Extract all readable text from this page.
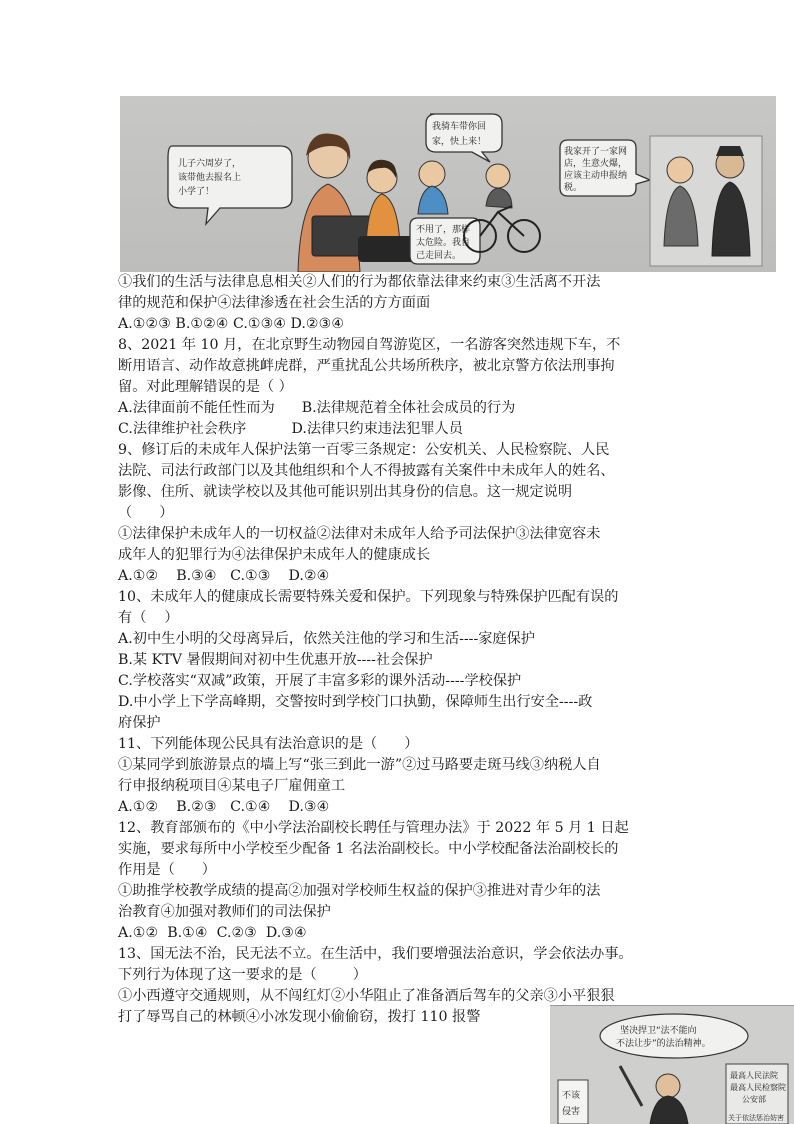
儿子六周岁了，
该带他去报名上
小学了！
我骑车带你回
家，快上来！
不用了，那样
太危险。我自
己走回去。
我家开了一家网
店，生意火爆，
应该主动申报纳
税。

①我们的生活与法律息息相关②人们的行为都依靠法律来约束③生活离不开法

律的规范和保护④法律渗透在社会生活的方方面面

A.①②③ B.①②④ C.①③④ D.②③④

8、2021 年 10 月，在北京野生动物园自驾游览区，一名游客突然违规下车，不

断用语言、动作故意挑衅虎群，严重扰乱公共场所秩序，被北京警方依法刑事拘

留。对此理解错误的是（ ）

A.法律面前不能任性而为      B.法律规范着全体社会成员的行为

C.法律维护社会秩序          D.法律只约束违法犯罪人员

9、修订后的未成年人保护法第一百零三条规定：公安机关、人民检察院、人民

法院、司法行政部门以及其他组织和个人不得披露有关案件中未成年人的姓名、

影像、住所、就读学校以及其他可能识别出其身份的信息。这一规定说明

（      ）

①法律保护未成年人的一切权益②法律对未成年人给予司法保护③法律宽容未

成年人的犯罪行为④法律保护未成年人的健康成长

A.①②    B.③④   C.①③    D.②④

10、未成年人的健康成长需要特殊关爱和保护。下列现象与特殊保护匹配有误的

有（    ）

A.初中生小明的父母离异后，依然关注他的学习和生活----家庭保护

B.某 KTV 暑假期间对初中生优惠开放----社会保护

C.学校落实“双减”政策，开展了丰富多彩的课外活动----学校保护

D.中小学上下学高峰期，交警按时到学校门口执勤，保障师生出行安全----政

府保护

11、下列能体现公民具有法治意识的是（      ）

①某同学到旅游景点的墙上写“张三到此一游”②过马路要走斑马线③纳税人自

行申报纳税项目④某电子厂雇佣童工

A.①②    B.②③   C.①④    D.③④

12、教育部颁布的《中小学法治副校长聘任与管理办法》于 2022 年 5 月 1 日起

实施，要求每所中小学校至少配备 1 名法治副校长。中小学校配备法治副校长的

作用是（      ）

①助推学校教学成绩的提高②加强对学校师生权益的保护③推进对青少年的法

治教育④加强对教师们的司法保护

A.①②  B.①④  C.②③  D.③④

13、国无法不治，民无法不立。在生活中，我们要增强法治意识，学会依法办事。

下列行为体现了这一要求的是（        ）

①小西遵守交通规则，从不闯红灯②小华阻止了准备酒后驾车的父亲③小平狠狠

打了辱骂自己的林顿④小冰发现小偷偷窃，拨打 110 报警

坚决捍卫“法不能向
不法让步”的法治精神。
最高人民法院
最高人民检察院
公安部
关于依法惩治妨害
不该
侵害
